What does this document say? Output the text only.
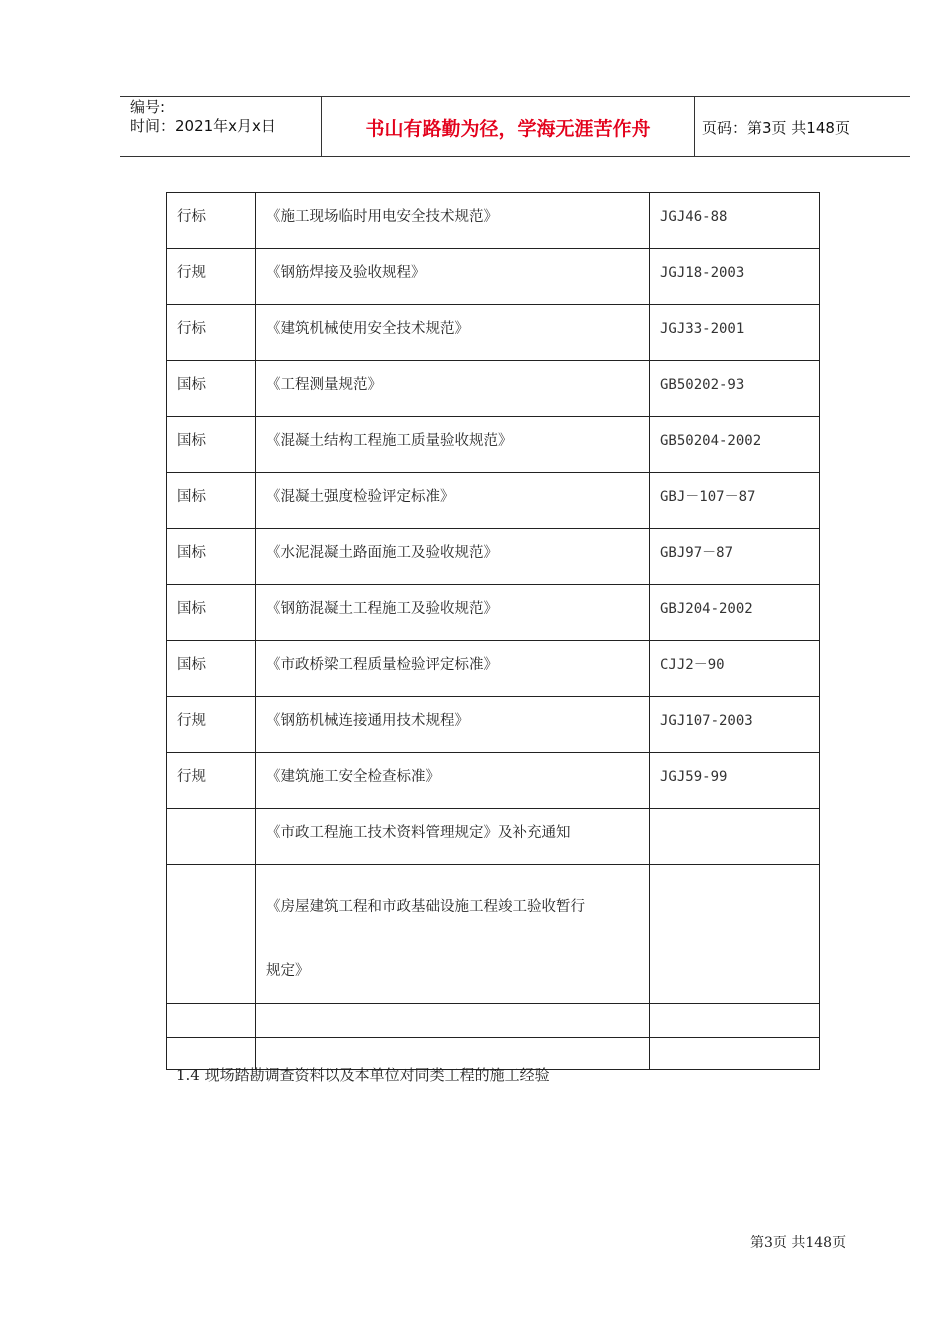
编号:
时间：2021年x月x日	书山有路勤为径，学海无涯苦作舟	页码：第3页 共148页
行标	《施工现场临时用电安全技术规范》	JGJ46-88
行规	《钢筋焊接及验收规程》	JGJ18-2003
行标	《建筑机械使用安全技术规范》	JGJ33-2001
国标	《工程测量规范》	GB50202-93
国标	《混凝土结构工程施工质量验收规范》	GB50204-2002
国标	《混凝土强度检验评定标准》	GBJ－107－87
国标	《水泥混凝土路面施工及验收规范》	GBJ97－87
国标	《钢筋混凝土工程施工及验收规范》	GBJ204-2002
国标	《市政桥梁工程质量检验评定标准》	CJJ2－90
行规	《钢筋机械连接通用技术规程》	JGJ107-2003
行规	《建筑施工安全检查标准》	JGJ59-99
	《市政工程施工技术资料管理规定》及补充通知	

	《房屋建筑工程和市政基础设施工程竣工验收暂行
规定》	

1.4 现场踏勘调查资料以及本单位对同类工程的施工经验
第3页 共148页
